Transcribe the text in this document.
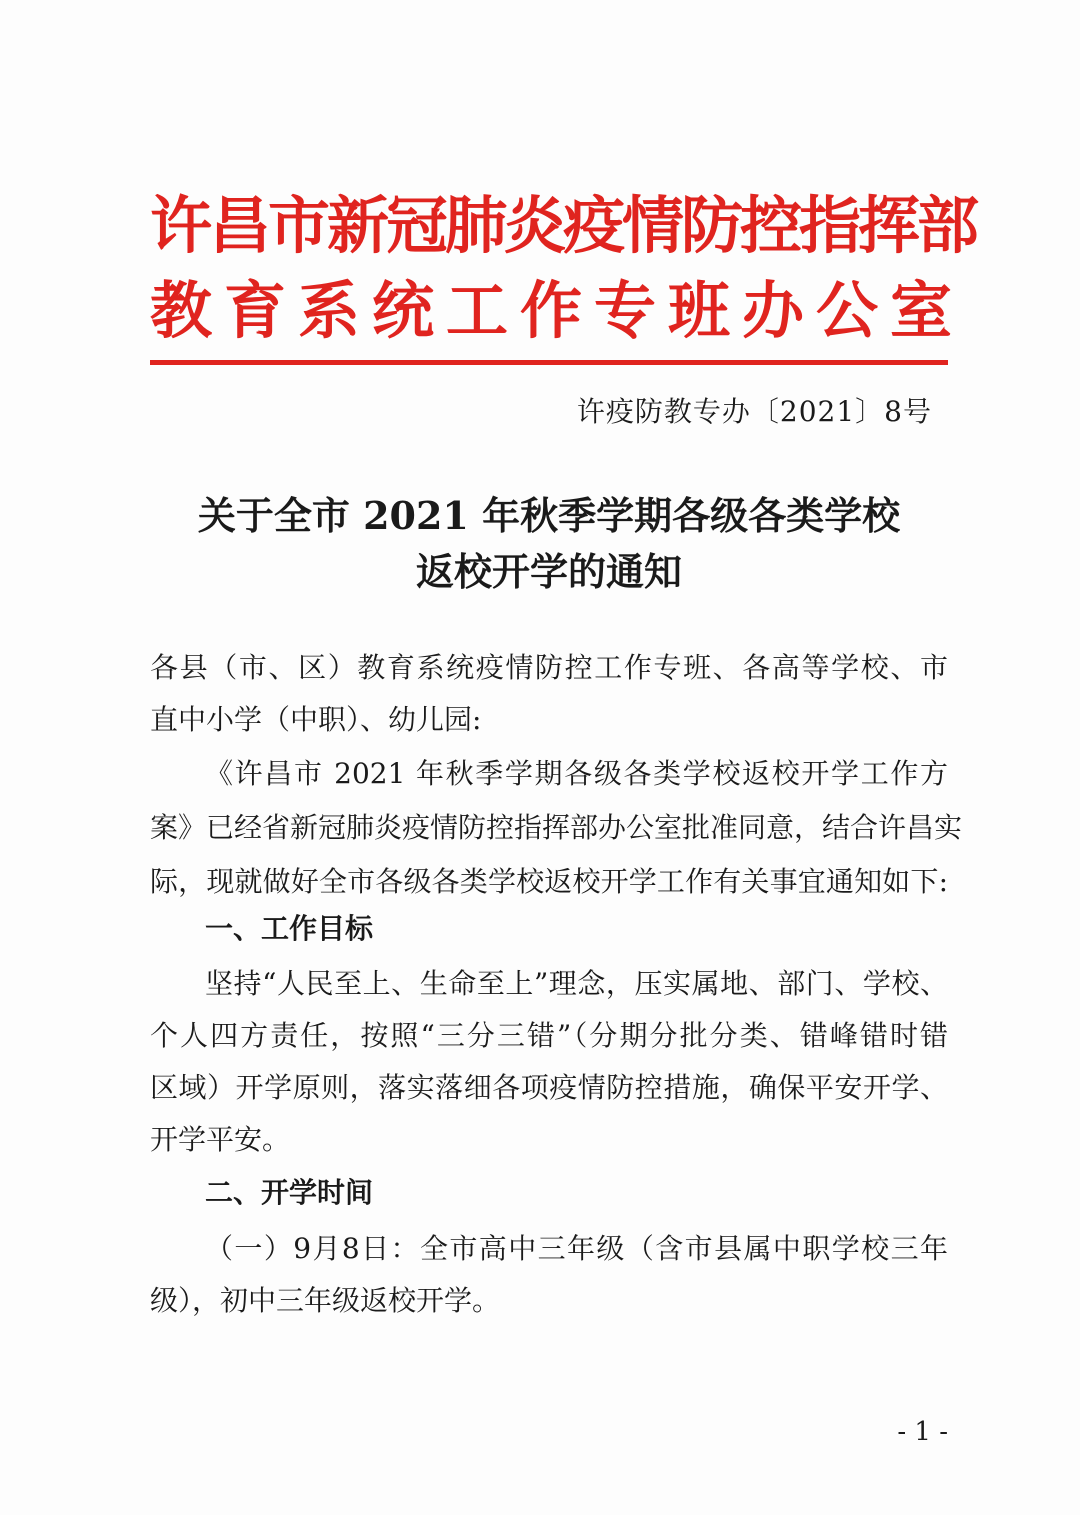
许昌市新冠肺炎疫情防控指挥部
教育系统工作专班办公室
许疫防教专办〔2021〕8号
关于全市 2021 年秋季学期各级各类学校
返校开学的通知
各县（市、区）教育系统疫情防控工作专班、各高等学校、市
直中小学（中职）、幼儿园:
《许昌市 2021 年秋季学期各级各类学校返校开学工作方
案》已经省新冠肺炎疫情防控指挥部办公室批准同意，结合许昌实
际，现就做好全市各级各类学校返校开学工作有关事宜通知如下:
一、工作目标
坚持“人民至上、生命至上”理念，压实属地、部门、学校、
个人四方责任，按照“三分三错”（分期分批分类、错峰错时错
区域）开学原则，落实落细各项疫情防控措施，确保平安开学、
开学平安。
二、开学时间
（一）9月8日：全市高中三年级（含市县属中职学校三年
级），初中三年级返校开学。
- 1 -
